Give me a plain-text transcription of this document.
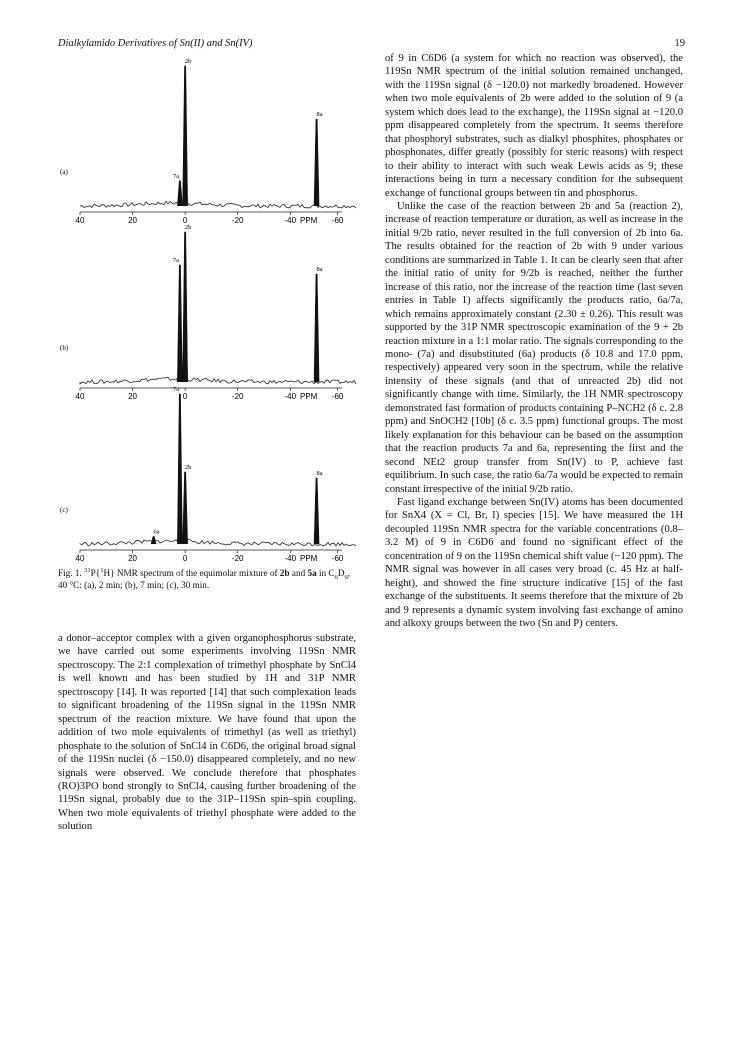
Dialkylamido Derivatives of Sn(II) and Sn(IV)	19
2b
7a
8a
40	20	0	-20	-40 PPM -60
(a)
2b
7a
8a
40	20	0	-20	-40 PPM -60
(b)
7a
2b
8a
6a
40	20	0	-20	-40 PPM -60
(c)
Fig. 1. $^{31}$P{$^1$H} NMR spectrum of the equimolar mixture of 2b and 5a in $C_6D_6$, 40 °C: (a), 2 min; (b), 7 min; (c), 30 min.

of 9 in C6D6 (a system for which no reaction was observed), the 119Sn NMR spectrum of the initial solution remained unchanged, with the 119Sn signal (δ −120.0) not markedly broadened. However when two mole equivalents of 2b were added to the solution of 9 (a system which does lead to the exchange), the 119Sn signal at −120.0 ppm disappeared completely from the spectrum. It seems therefore that phosphoryl substrates, such as dialkyl phosphites, phosphates or phosphonates, differ greatly (possibly for steric reasons) with respect to their ability to interact with such weak Lewis acids as 9; these interactions being in turn a necessary condition for the subsequent exchange of functional groups between tin and phosphorus.

Unlike the case of the reaction between 2b and 5a (reaction 2), increase of reaction temperature or duration, as well as increase in the initial 9/2b ratio, never resulted in the full conversion of 2b into 6a. The results obtained for the reaction of 2b with 9 under various conditions are summarized in Table 1. It can be clearly seen that after the initial ratio of unity for 9/2b is reached, neither the further increase of this ratio, nor the increase of the reaction time (last seven entries in Table 1) affects significantly the products ratio, 6a/7a, which remains approximately constant (2.30 ± 0.26). This result was supported by the 31P NMR spectroscopic examination of the 9 + 2b reaction mixture in a 1:1 molar ratio. The signals corresponding to the mono- (7a) and disubstituted (6a) products (δ 10.8 and 17.0 ppm, respectively) appeared very soon in the spectrum, while the relative intensity of these signals (and that of unreacted 2b) did not significantly change with time. Similarly, the 1H NMR spectroscopy demonstrated fast formation of products containing P–NCH2 (δ c. 2.8 ppm) and SnOCH2 [10b] (δ c. 3.5 ppm) functional groups. The most likely explanation for this behaviour can be based on the assumption that the reaction products 7a and 6a, representing the first and the second NEt2 group transfer from Sn(IV) to P, achieve fast equilibrium. In such case, the ratio 6a/7a would be expected to remain constant irrespective of the initial 9/2b ratio.

Fast ligand exchange between Sn(IV) atoms has been documented for SnX4 (X = Cl, Br, I) species [15]. We have measured the 1H decoupled 119Sn NMR spectra for the variable concentrations (0.8–3.2 M) of 9 in C6D6 and found no significant effect of the concentration of 9 on the 119Sn chemical shift value (−120 ppm). The NMR signal was however in all cases very broad (c. 45 Hz at half-height), and showed the fine structure indicative [15] of the fast exchange of the substituents. It seems therefore that the mixture of 2b and 9 represents a dynamic system involving fast exchange of amino and alkoxy groups between the two (Sn and P) centers.

a donor–acceptor complex with a given organophosphorus substrate, we have carried out some experiments involving 119Sn NMR spectroscopy. The 2:1 complexation of trimethyl phosphate by SnCl4 is well known and has been studied by 1H and 31P NMR spectroscopy [14]. It was reported [14] that such complexation leads to significant broadening of the 119Sn signal in the 119Sn NMR spectrum of the reaction mixture. We have found that upon the addition of two mole equivalents of trimethyl (as well as triethyl) phosphate to the solution of SnCl4 in C6D6, the original broad signal of the 119Sn nuclei (δ −150.0) disappeared completely, and no new signals were observed. We conclude therefore that phosphates (RO)3PO bond strongly to SnCl4, causing further broadening of the 119Sn signal, probably due to the 31P–119Sn spin–spin coupling. When two mole equivalents of triethyl phosphate were added to the solution
